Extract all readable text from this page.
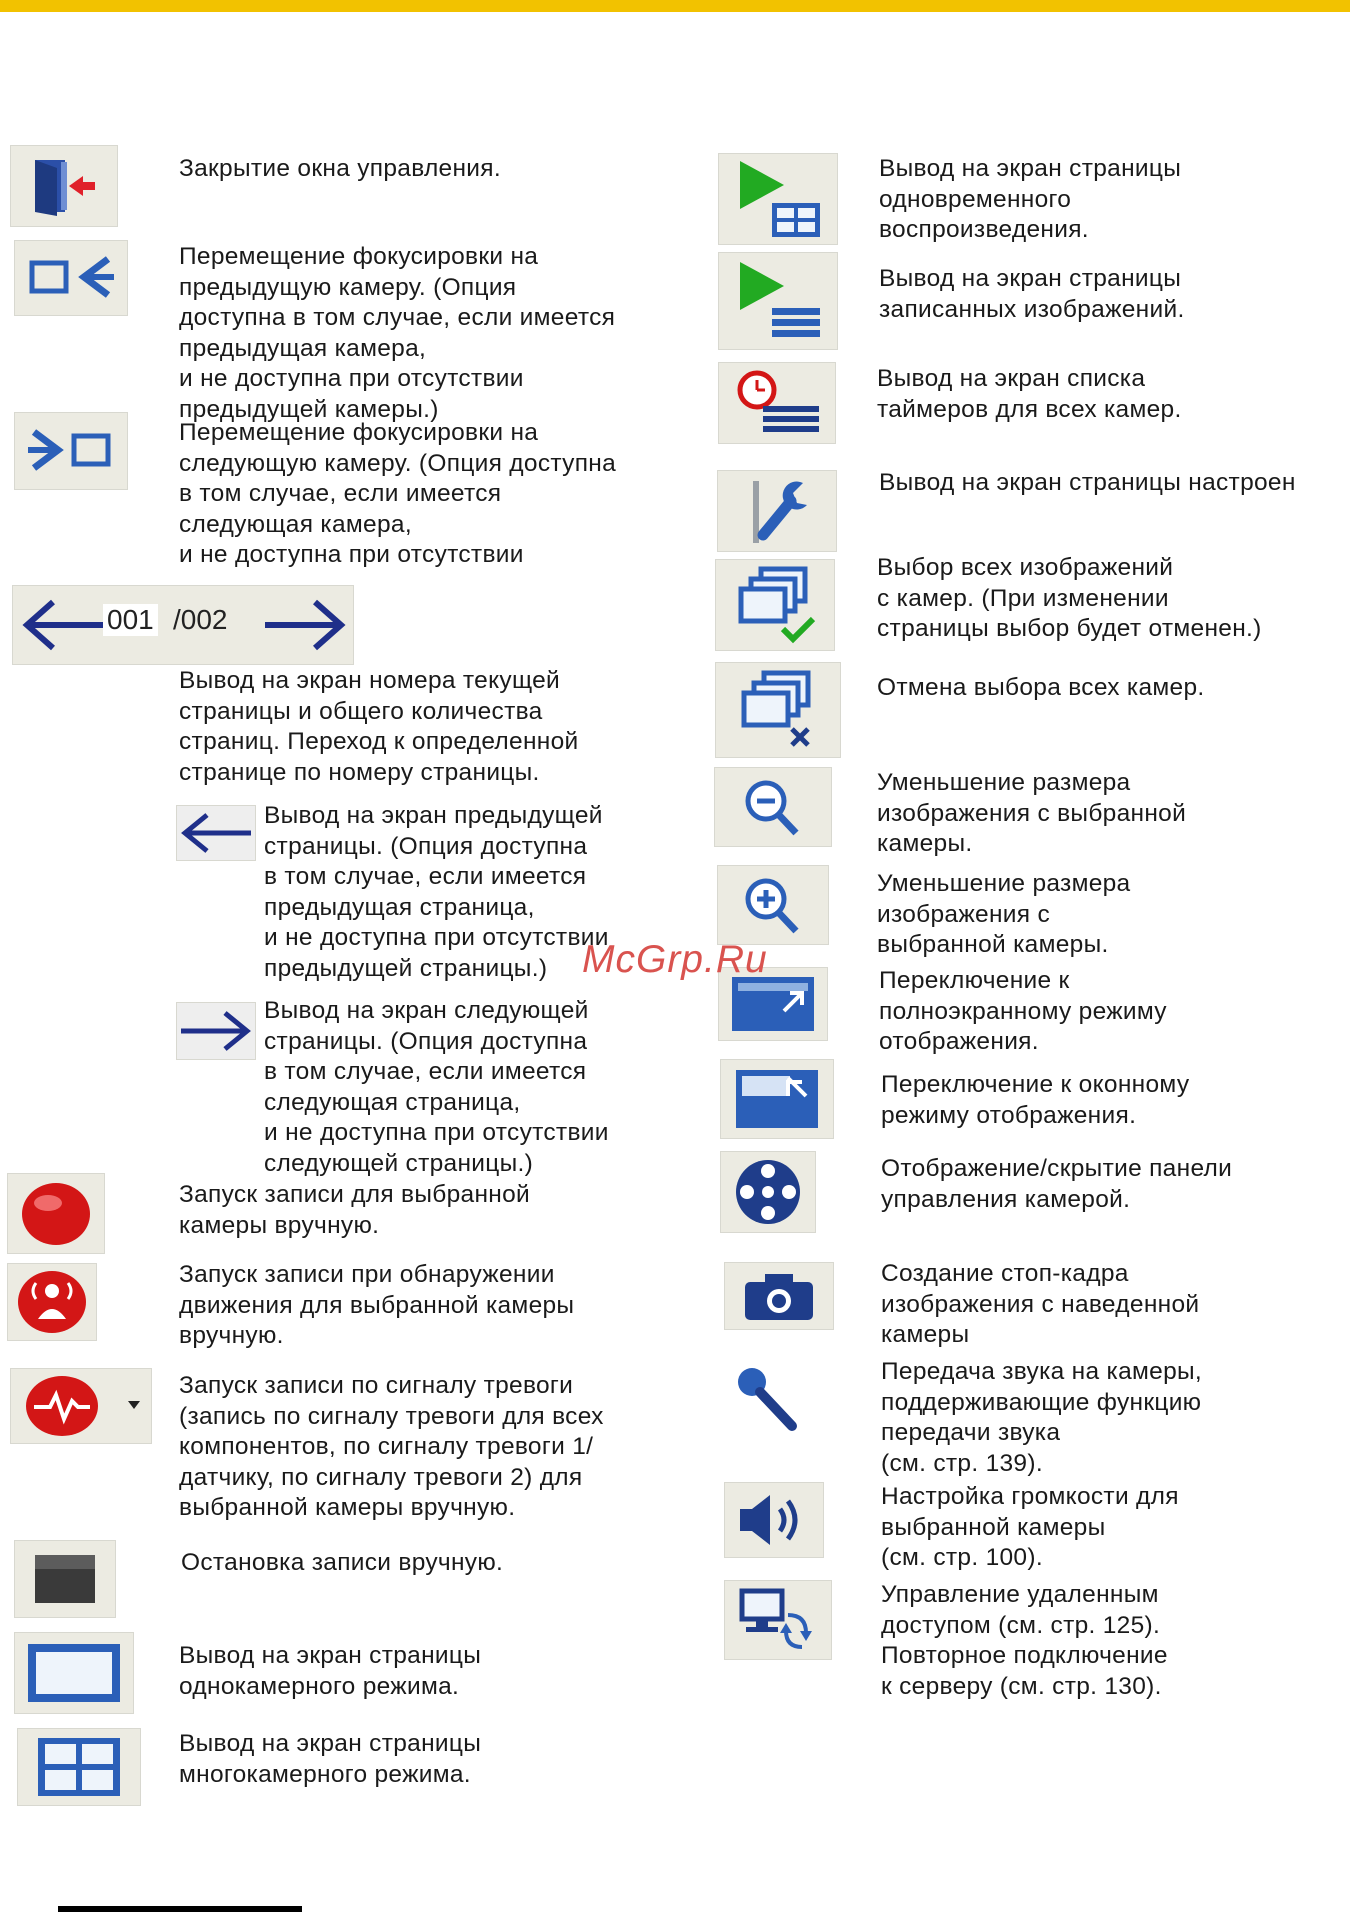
Закрытие окна управления.
Перемещение фокусировки на
предыдущую камеру. (Опция
доступна в том случае, если имеется
предыдущая камера,
и не доступна при отсутствии
предыдущей камеры.)
Перемещение фокусировки на
следующую камеру. (Опция доступна
в том случае, если имеется
следующая камера,
и не доступна при отсутствии
001 /002
Вывод на экран номера текущей
страницы и общего количества
страниц. Переход к определенной
странице по номеру страницы.
Вывод на экран предыдущей
страницы. (Опция доступна
в том случае, если имеется
предыдущая страница,
и не доступна при отсутствии
предыдущей страницы.)
Вывод на экран следующей
страницы. (Опция доступна
в том случае, если имеется
следующая страница,
и не доступна при отсутствии
следующей страницы.)
Запуск записи для выбранной
камеры вручную.
Запуск записи при обнаружении
движения для выбранной камеры
вручную.
Запуск записи по сигналу тревоги
(запись по сигналу тревоги для всех
компонентов, по сигналу тревоги 1/
датчику, по сигналу тревоги 2) для
выбранной камеры вручную.
Остановка записи вручную.
Вывод на экран страницы
однокамерного режима.
Вывод на экран страницы
многокамерного режима.
Вывод на экран страницы
одновременного
воспроизведения.
Вывод на экран страницы
записанных изображений.
Вывод на экран списка
таймеров для всех камер.
Вывод на экран страницы настроен
Выбор всех изображений
с камер. (При изменении
страницы выбор будет отменен.)
Отмена выбора всех камер.
Уменьшение размера
изображения с выбранной
камеры.
Уменьшение размера
изображения с
выбранной камеры.
Переключение к
полноэкранному режиму
отображения.
Переключение к оконному
режиму отображения.
Отображение/скрытие панели
управления камерой.
Создание стоп-кадра
изображения с наведенной
камеры
Передача звука на камеры,
поддерживающие функцию
передачи звука
(см. стр. 139).
Настройка громкости для
выбранной камеры
(см. стр. 100).
Управление удаленным
доступом (см. стр. 125).
Повторное подключение
к серверу (см. стр. 130).
McGrp.Ru
